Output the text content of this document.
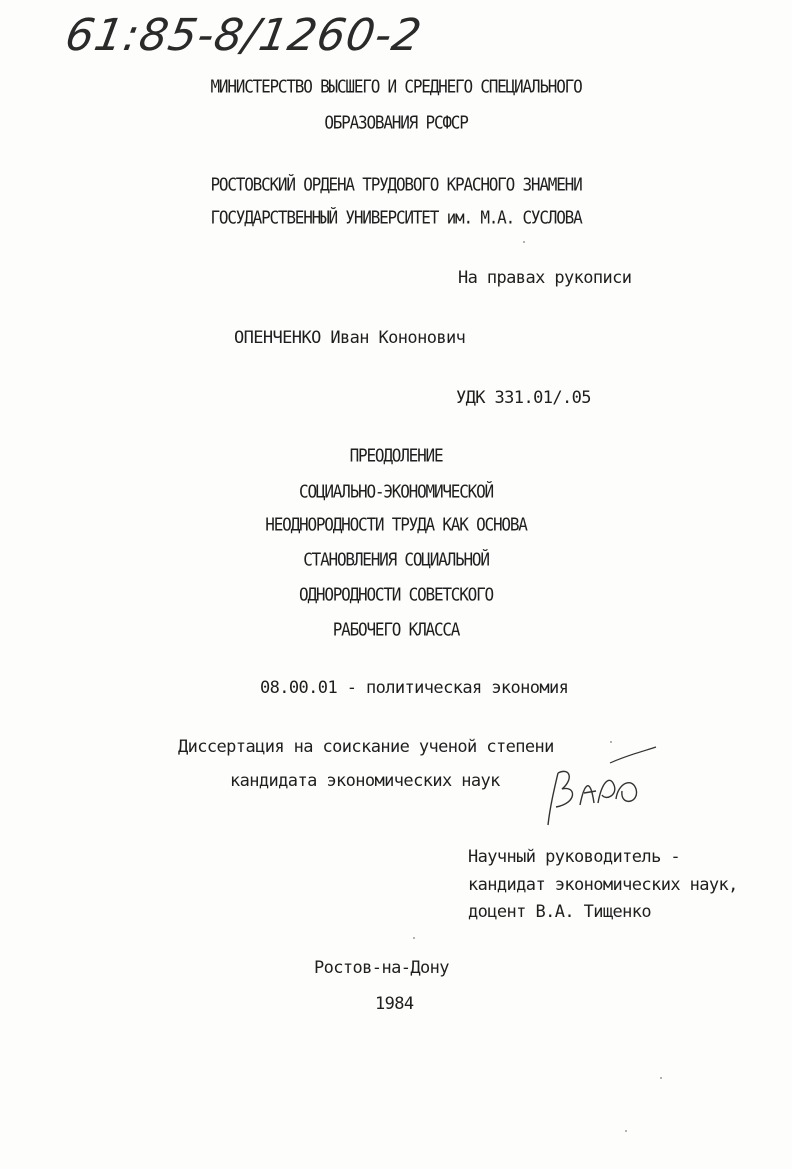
61:85-8/1260-2
МИНИСТЕРСТВО ВЫСШЕГО И СРЕДНЕГО СПЕЦИАЛЬНОГО
ОБРАЗОВАНИЯ РСФСР
РОСТОВСКИЙ ОРДЕНА ТРУДОВОГО КРАСНОГО ЗНАМЕНИ
ГОСУДАРСТВЕННЫЙ УНИВЕРСИТЕТ им. М.А. СУСЛОВА
На правах рукописи
ОПЕНЧЕНКО Иван Кононович
УДК 331.01/.05
ПРЕОДОЛЕНИЕ
СОЦИАЛЬНО-ЭКОНОМИЧЕСКОЙ
НЕОДНОРОДНОСТИ ТРУДА КАК ОСНОВА
СТАНОВЛЕНИЯ СОЦИАЛЬНОЙ
ОДНОРОДНОСТИ СОВЕТСКОГО
РАБОЧЕГО КЛАССА
08.00.01 - политическая экономия
Диссертация на соискание ученой степени
кандидата экономических наук
Научный руководитель -
кандидат экономических наук,
доцент В.А. Тищенко
Ростов-на-Дону
1984
